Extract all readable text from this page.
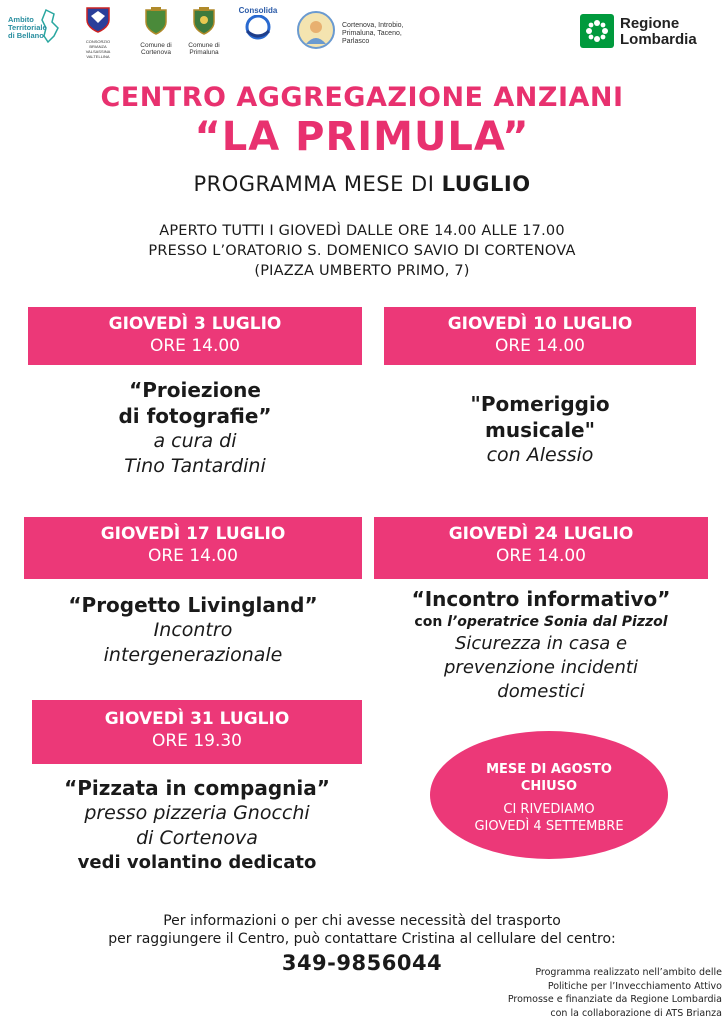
Ambito
Territoriale
di Bellano
CONSORZIO BRIANZA VALSASSINA VALTELLINA
Comune di
Cortenova
Comune di
Primaluna
Consolida
Cortenova, Introbio, Primaluna, Taceno, Parlasco
Regione
Lombardia
CENTRO AGGREGAZIONE ANZIANI
“LA PRIMULA”
PROGRAMMA MESE DI LUGLIO
APERTO TUTTI I GIOVEDÌ DALLE ORE 14.00 ALLE 17.00
PRESSO L’ORATORIO S. DOMENICO SAVIO DI CORTENOVA
(PIAZZA UMBERTO PRIMO, 7)
GIOVEDÌ 3 LUGLIO
ORE 14.00
“Proiezione
di fotografie”
a cura di
Tino Tantardini
GIOVEDÌ 10 LUGLIO
ORE 14.00
"Pomeriggio
musicale"
con Alessio
GIOVEDÌ 17 LUGLIO
ORE 14.00
“Progetto Livingland”
Incontro
intergenerazionale
GIOVEDÌ 24 LUGLIO
ORE 14.00
“Incontro informativo”
con l’operatrice Sonia dal Pizzol
Sicurezza in casa e
prevenzione incidenti
domestici
GIOVEDÌ 31 LUGLIO
ORE 19.30
“Pizzata in compagnia”
presso pizzeria Gnocchi
di Cortenova
vedi volantino dedicato
MESE DI AGOSTO
CHIUSO
CI RIVEDIAMO
GIOVEDÌ 4 SETTEMBRE
Per informazioni o per chi avesse necessità del trasporto
per raggiungere il Centro, può contattare Cristina al cellulare del centro:
349-9856044	Programma realizzato nell’ambito delle
Politiche per l’Invecchiamento Attivo
Promosse e finanziate da Regione Lombardia
con la collaborazione di ATS Brianza
